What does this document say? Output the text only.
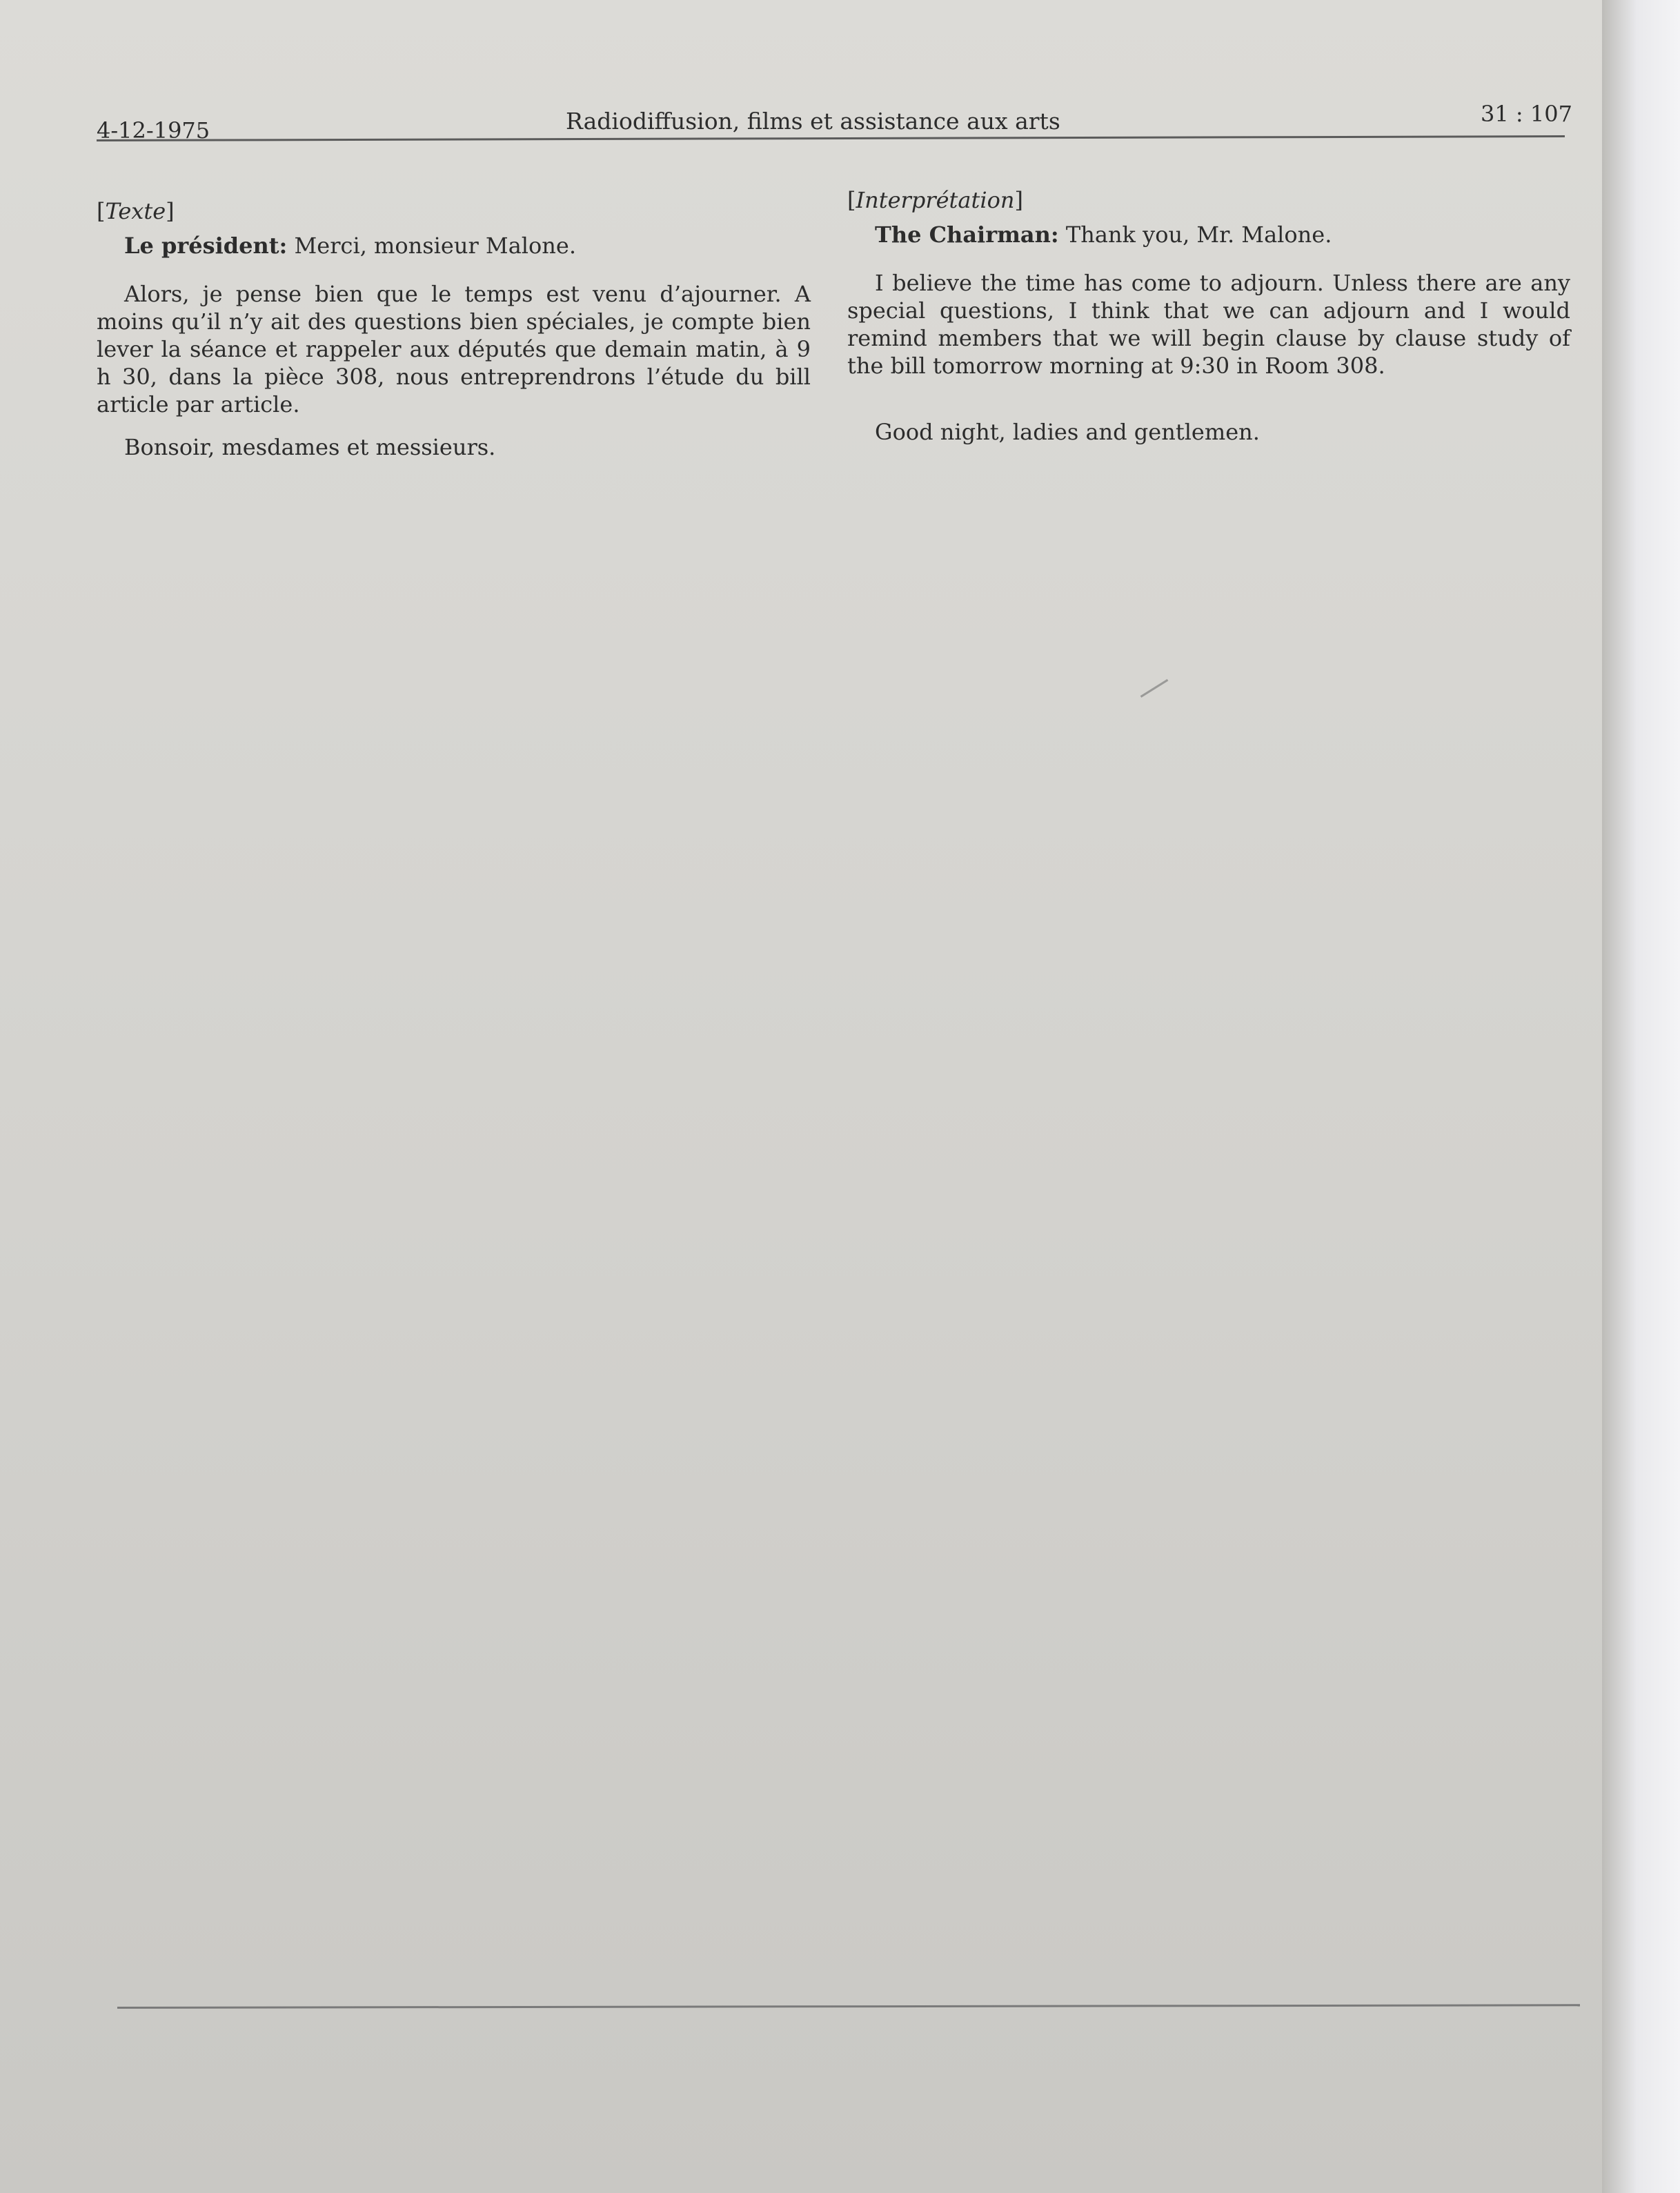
4-12-1975	Radiodiffusion, films et assistance aux arts	31 : 107

[Texte]

Le président: Merci, monsieur Malone.

Alors, je pense bien que le temps est venu d’ajourner. A moins qu’il n’y ait des questions bien spéciales, je compte bien lever la séance et rappeler aux députés que demain matin, à 9 h 30, dans la pièce 308, nous entreprendrons l’étude du bill article par article.

Bonsoir, mesdames et messieurs.

[Interprétation]

The Chairman: Thank you, Mr. Malone.

I believe the time has come to adjourn. Unless there are any special questions, I think that we can adjourn and I would remind members that we will begin clause by clause study of the bill tomorrow morning at 9:30 in Room 308.

Good night, ladies and gentlemen.
